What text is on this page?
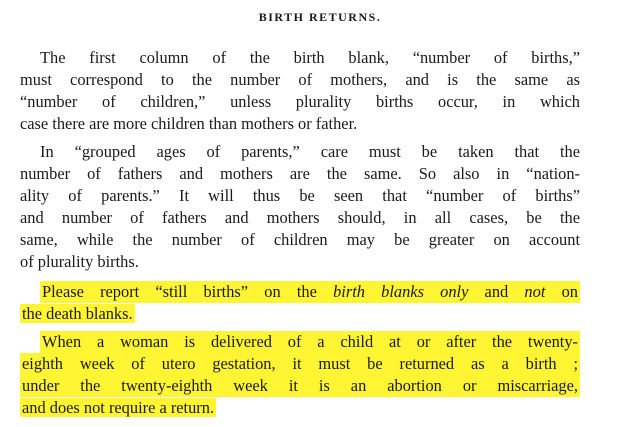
BIRTH RETURNS.
The first column of the birth blank, “number of births,”
must correspond to the number of mothers, and is the same as
“number of children,” unless plurality births occur, in which
case there are more children than mothers or father.
In “grouped ages of parents,” care must be taken that the
number of fathers and mothers are the same. So also in “nation-
ality of parents.” It will thus be seen that “number of births”
and number of fathers and mothers should, in all cases, be the
same, while the number of children may be greater on account
of plurality births.
Please report “still births” on the birth blanks only and not on
the death blanks.
When a woman is delivered of a child at or after the twenty-
eighth week of utero gestation, it must be returned as a birth ;
under the twenty-eighth week it is an abortion or miscarriage,
and does not require a return.
